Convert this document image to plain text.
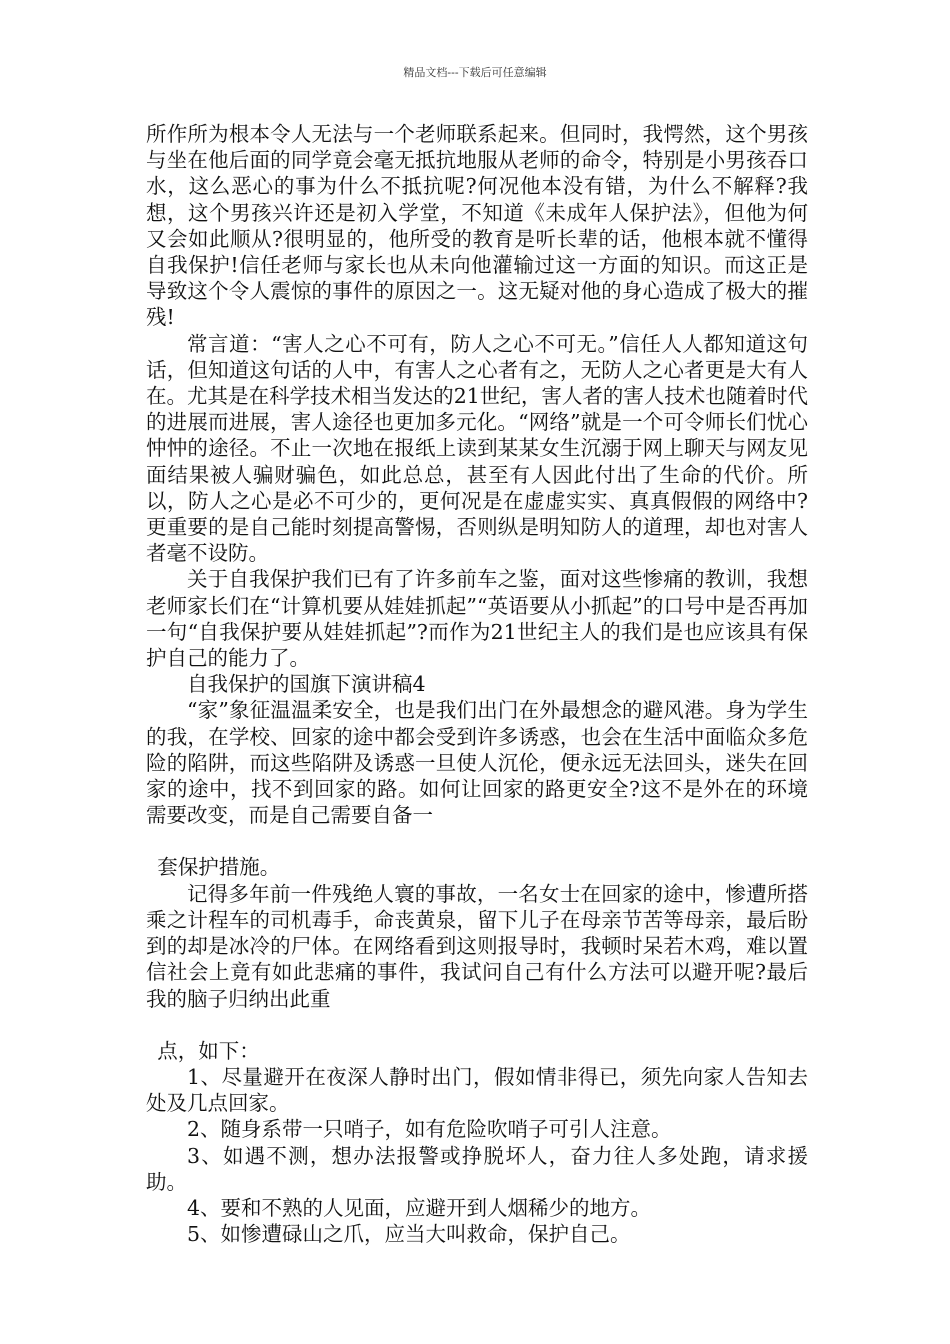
精品文档---下载后可任意编辑

所作所为根本令人无法与一个老师联系起来。但同时，我愕然，这个男孩与坐在他后面的同学竟会毫无抵抗地服从老师的命令，特别是小男孩吞口水，这么恶心的事为什么不抵抗呢?何况他本没有错，为什么不解释?我想，这个男孩兴许还是初入学堂，不知道《未成年人保护法》，但他为何又会如此顺从?很明显的，他所受的教育是听长辈的话，他根本就不懂得自我保护!信任老师与家长也从未向他灌输过这一方面的知识。而这正是导致这个令人震惊的事件的原因之一。这无疑对他的身心造成了极大的摧残!

常言道：“害人之心不可有，防人之心不可无。”信任人人都知道这句话，但知道这句话的人中，有害人之心者有之，无防人之心者更是大有人在。尤其是在科学技术相当发达的21世纪，害人者的害人技术也随着时代的进展而进展，害人途径也更加多元化。“网络”就是一个可令师长们忧心忡忡的途径。不止一次地在报纸上读到某某女生沉溺于网上聊天与网友见面结果被人骗财骗色，如此总总，甚至有人因此付出了生命的代价。所以，防人之心是必不可少的，更何况是在虚虚实实、真真假假的网络中?更重要的是自己能时刻提高警惕，否则纵是明知防人的道理，却也对害人者毫不设防。

关于自我保护我们已有了许多前车之鉴，面对这些惨痛的教训，我想老师家长们在“计算机要从娃娃抓起”“英语要从小抓起”的口号中是否再加一句“自我保护要从娃娃抓起”?而作为21世纪主人的我们是也应该具有保护自己的能力了。

自我保护的国旗下演讲稿4

“家”象征温温柔安全，也是我们出门在外最想念的避风港。身为学生的我，在学校、回家的途中都会受到许多诱惑，也会在生活中面临众多危险的陷阱，而这些陷阱及诱惑一旦使人沉伦，便永远无法回头，迷失在回家的途中，找不到回家的路。如何让回家的路更安全?这不是外在的环境需要改变，而是自己需要自备一

套保护措施。

记得多年前一件残绝人寰的事故，一名女士在回家的途中，惨遭所搭乘之计程车的司机毒手，命丧黄泉，留下儿子在母亲节苦等母亲，最后盼到的却是冰冷的尸体。在网络看到这则报导时，我顿时呆若木鸡，难以置信社会上竟有如此悲痛的事件，我试问自己有什么方法可以避开呢?最后我的脑子归纳出此重

点，如下：

1、尽量避开在夜深人静时出门，假如情非得已，须先向家人告知去处及几点回家。

2、随身系带一只哨子，如有危险吹哨子可引人注意。

3、如遇不测，想办法报警或挣脱坏人，奋力往人多处跑，请求援助。

4、要和不熟的人见面，应避开到人烟稀少的地方。

5、如惨遭碌山之爪，应当大叫救命，保护自己。
